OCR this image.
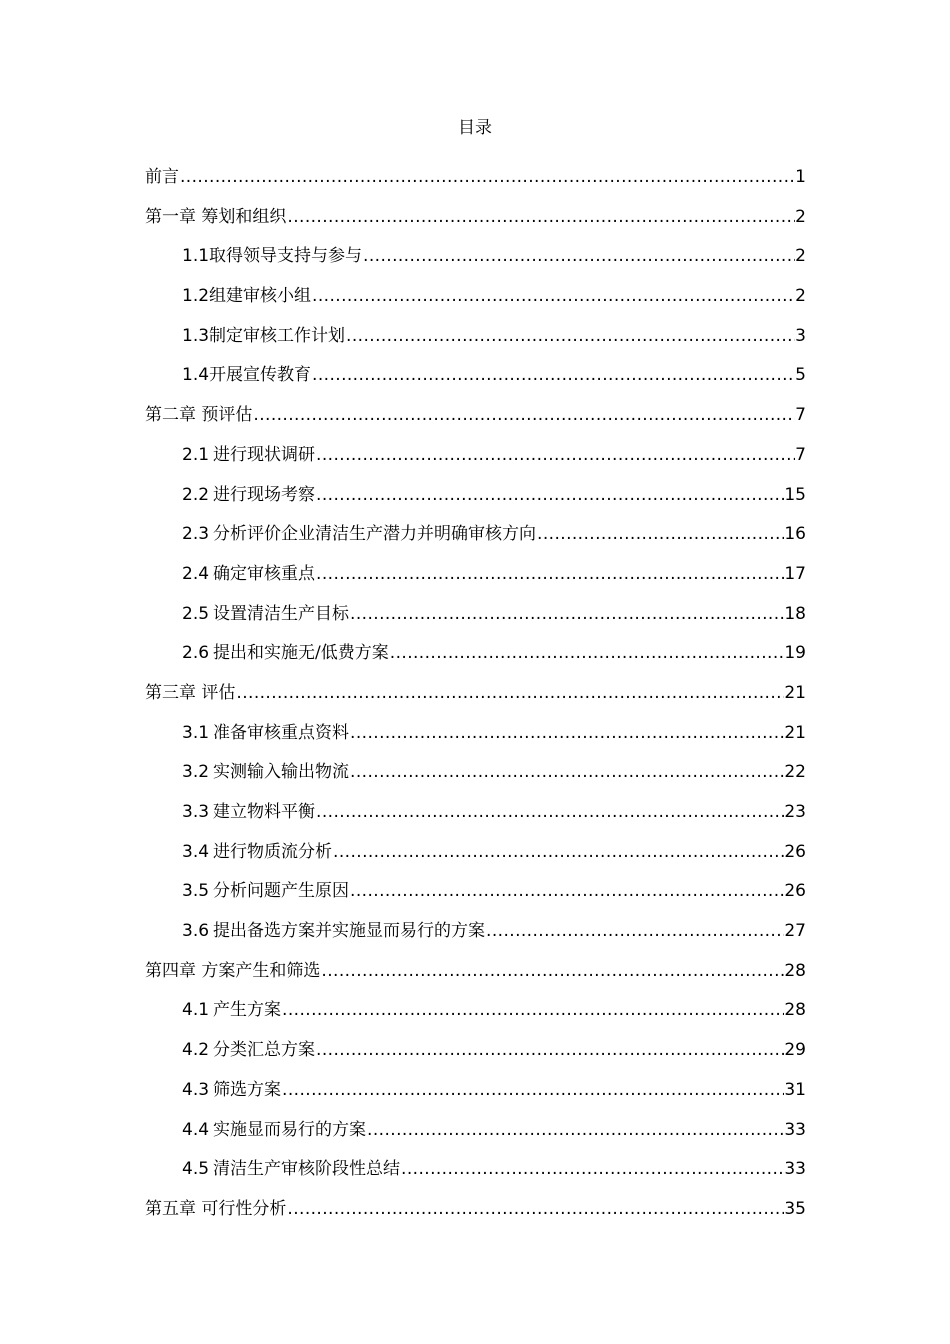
目录
前言 .....	1
第一章 筹划和组织 .....	2
1.1 取得领导支持与参与 .....	2
1.2 组建审核小组 .....	2
1.3 制定审核工作计划 .....	3
1.4 开展宣传教育 .....	5
第二章 预评估 .....	7
2.1 进行现状调研 .....	7
2.2 进行现场考察 .....	15
2.3 分析评价企业清洁生产潜力并明确审核方向 .....	16
2.4 确定审核重点 .....	17
2.5 设置清洁生产目标 .....	18
2.6 提出和实施无/低费方案 .....	19
第三章 评估 .....	21
3.1 准备审核重点资料 .....	21
3.2 实测输入输出物流 .....	22
3.3 建立物料平衡 .....	23
3.4 进行物质流分析 .....	26
3.5 分析问题产生原因 .....	26
3.6 提出备选方案并实施显而易行的方案 .....	27
第四章 方案产生和筛选 .....	28
4.1 产生方案 .....	28
4.2 分类汇总方案 .....	29
4.3 筛选方案 .....	31
4.4 实施显而易行的方案 .....	33
4.5 清洁生产审核阶段性总结 .....	33
第五章 可行性分析 .....	35
